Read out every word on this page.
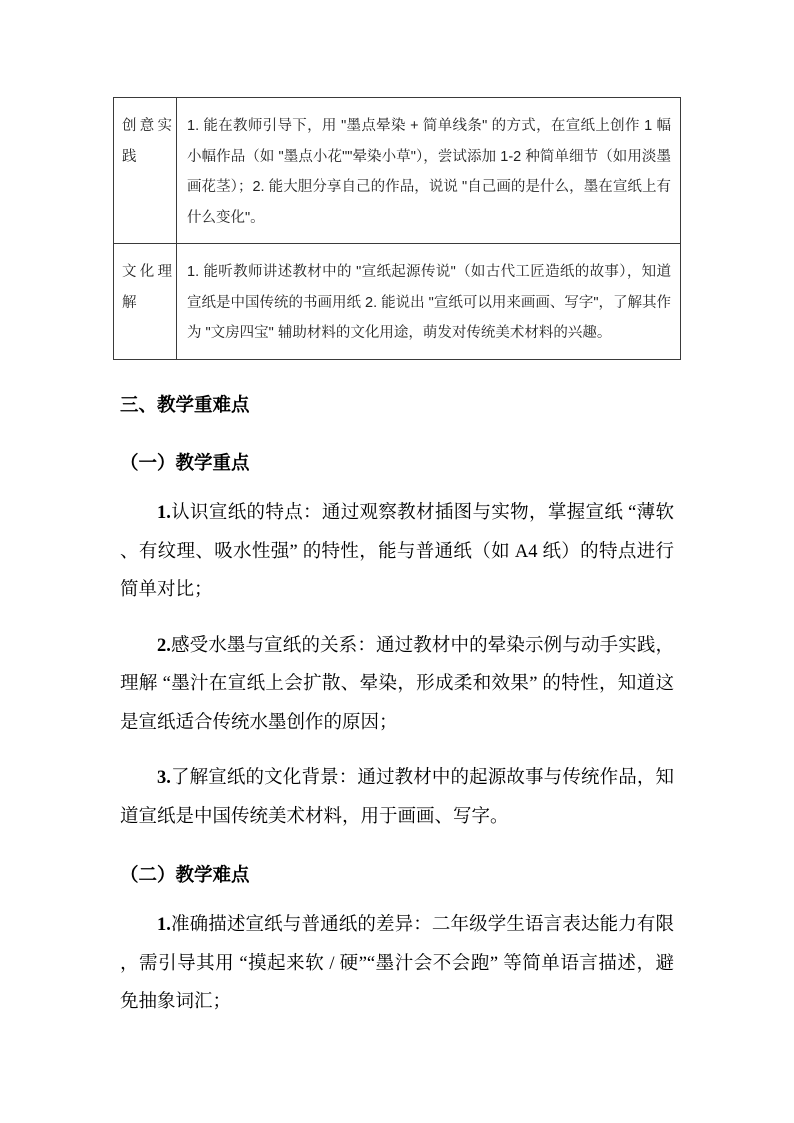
创意实践	1. 能在教师引导下，用 "墨点晕染 + 简单线条" 的方式，在宣纸上创作 1 幅小幅作品（如 "墨点小花""晕染小草"），尝试添加 1-2 种简单细节（如用淡墨画花茎）；2. 能大胆分享自己的作品，说说 "自己画的是什么，墨在宣纸上有什么变化"。
文化理解	1. 能听教师讲述教材中的 "宣纸起源传说"（如古代工匠造纸的故事），知道宣纸是中国传统的书画用纸 2. 能说出 "宣纸可以用来画画、写字"，了解其作为 "文房四宝" 辅助材料的文化用途，萌发对传统美术材料的兴趣。
三、教学重难点
（一）教学重点

1.认识宣纸的特点：通过观察教材插图与实物，掌握宣纸 “薄软、有纹理、吸水性强” 的特性，能与普通纸（如 A4 纸）的特点进行简单对比；

2.感受水墨与宣纸的关系：通过教材中的晕染示例与动手实践，理解 “墨汁在宣纸上会扩散、晕染，形成柔和效果” 的特性，知道这是宣纸适合传统水墨创作的原因；

3.了解宣纸的文化背景：通过教材中的起源故事与传统作品，知道宣纸是中国传统美术材料，用于画画、写字。

（二）教学难点

1.准确描述宣纸与普通纸的差异：二年级学生语言表达能力有限，需引导其用 “摸起来软 / 硬”“墨汁会不会跑” 等简单语言描述，避免抽象词汇；
